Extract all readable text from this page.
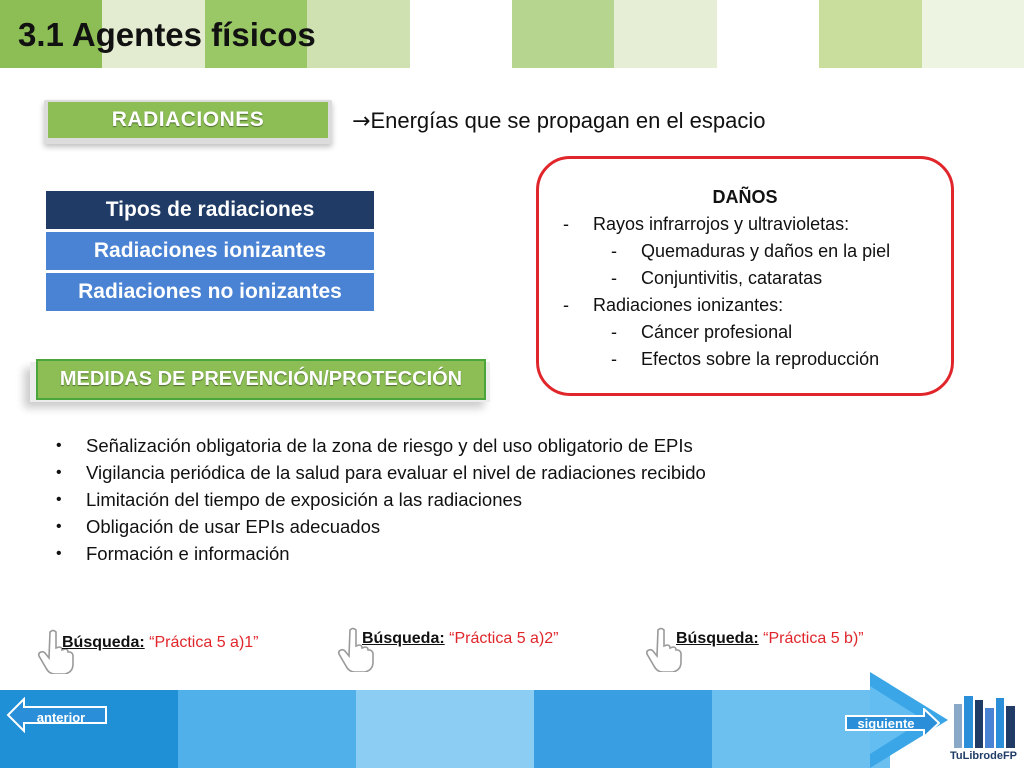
3.1 Agentes físicos
RADIACIONES	→Energías que se propagan en el espacio
Tipos de radiaciones
Radiaciones ionizantes
Radiaciones no ionizantes
DAÑOS
- Rayos infrarrojos y ultravioletas:
- Quemaduras y daños en la piel
- Conjuntivitis, cataratas
- Radiaciones ionizantes:
- Cáncer profesional
- Efectos sobre la reproducción
MEDIDAS DE PREVENCIÓN/PROTECCIÓN
•	Señalización obligatoria de la zona de riesgo y del uso obligatorio de EPIs
•	Vigilancia periódica de la salud para evaluar el nivel de radiaciones recibido
•	Limitación del tiempo de exposición a las radiaciones
•	Obligación de usar EPIs adecuados
•	Formación e información
Búsqueda: “Práctica 5 a)1”	Búsqueda: “Práctica 5 a)2”	Búsqueda: “Práctica 5 b)”
anterior	siguiente
TuLibrodeFP
